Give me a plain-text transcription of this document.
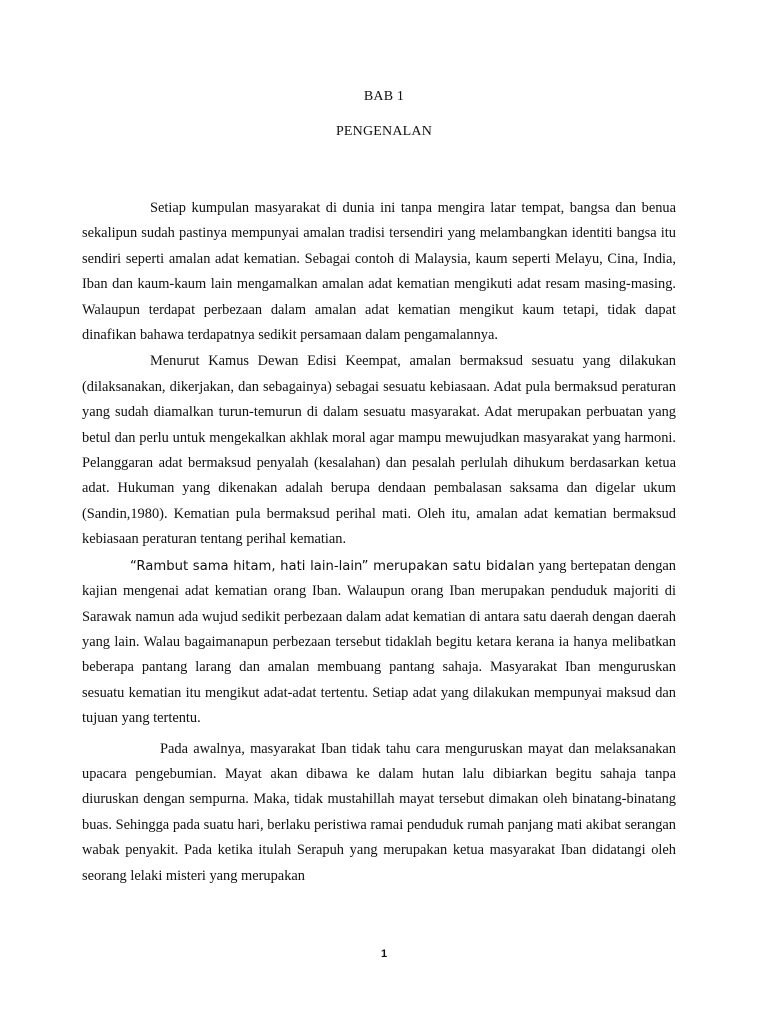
BAB 1
PENGENALAN

Setiap kumpulan masyarakat di dunia ini tanpa mengira latar tempat, bangsa dan benua sekalipun sudah pastinya mempunyai amalan tradisi tersendiri yang melambangkan identiti bangsa itu sendiri seperti amalan adat kematian. Sebagai contoh di Malaysia, kaum seperti Melayu, Cina, India, Iban dan kaum-kaum lain mengamalkan amalan adat kematian mengikuti adat resam masing-masing. Walaupun terdapat perbezaan dalam amalan adat kematian mengikut kaum tetapi, tidak dapat dinafikan bahawa terdapatnya sedikit persamaan dalam pengamalannya.

Menurut Kamus Dewan Edisi Keempat, amalan bermaksud sesuatu yang dilakukan (dilaksanakan, dikerjakan, dan sebagainya) sebagai sesuatu kebiasaan. Adat pula bermaksud peraturan yang sudah diamalkan turun-temurun di dalam sesuatu masyarakat. Adat merupakan perbuatan yang betul dan perlu untuk mengekalkan akhlak moral agar mampu mewujudkan masyarakat yang harmoni. Pelanggaran adat bermaksud penyalah (kesalahan) dan pesalah perlulah dihukum berdasarkan ketua adat. Hukuman yang dikenakan adalah berupa dendaan pembalasan saksama dan digelar ukum (Sandin,1980). Kematian pula bermaksud perihal mati. Oleh itu, amalan adat kematian bermaksud kebiasaan peraturan tentang perihal kematian.

“Rambut sama hitam, hati lain-lain” merupakan satu bidalan yang bertepatan dengan kajian mengenai adat kematian orang Iban. Walaupun orang Iban merupakan penduduk majoriti di Sarawak namun ada wujud sedikit perbezaan dalam adat kematian di antara satu daerah dengan daerah yang lain. Walau bagaimanapun perbezaan tersebut tidaklah begitu ketara kerana ia hanya melibatkan beberapa pantang larang dan amalan membuang pantang sahaja. Masyarakat Iban menguruskan sesuatu kematian itu mengikut adat-adat tertentu. Setiap adat yang dilakukan mempunyai maksud dan tujuan yang tertentu.

Pada awalnya, masyarakat Iban tidak tahu cara menguruskan mayat dan melaksanakan upacara pengebumian. Mayat akan dibawa ke dalam hutan lalu dibiarkan begitu sahaja tanpa diuruskan dengan sempurna. Maka, tidak mustahillah mayat tersebut dimakan oleh binatang-binatang buas. Sehingga pada suatu hari, berlaku peristiwa ramai penduduk rumah panjang mati akibat serangan wabak penyakit. Pada ketika itulah Serapuh yang merupakan ketua masyarakat Iban didatangi oleh seorang lelaki misteri yang merupakan

1
